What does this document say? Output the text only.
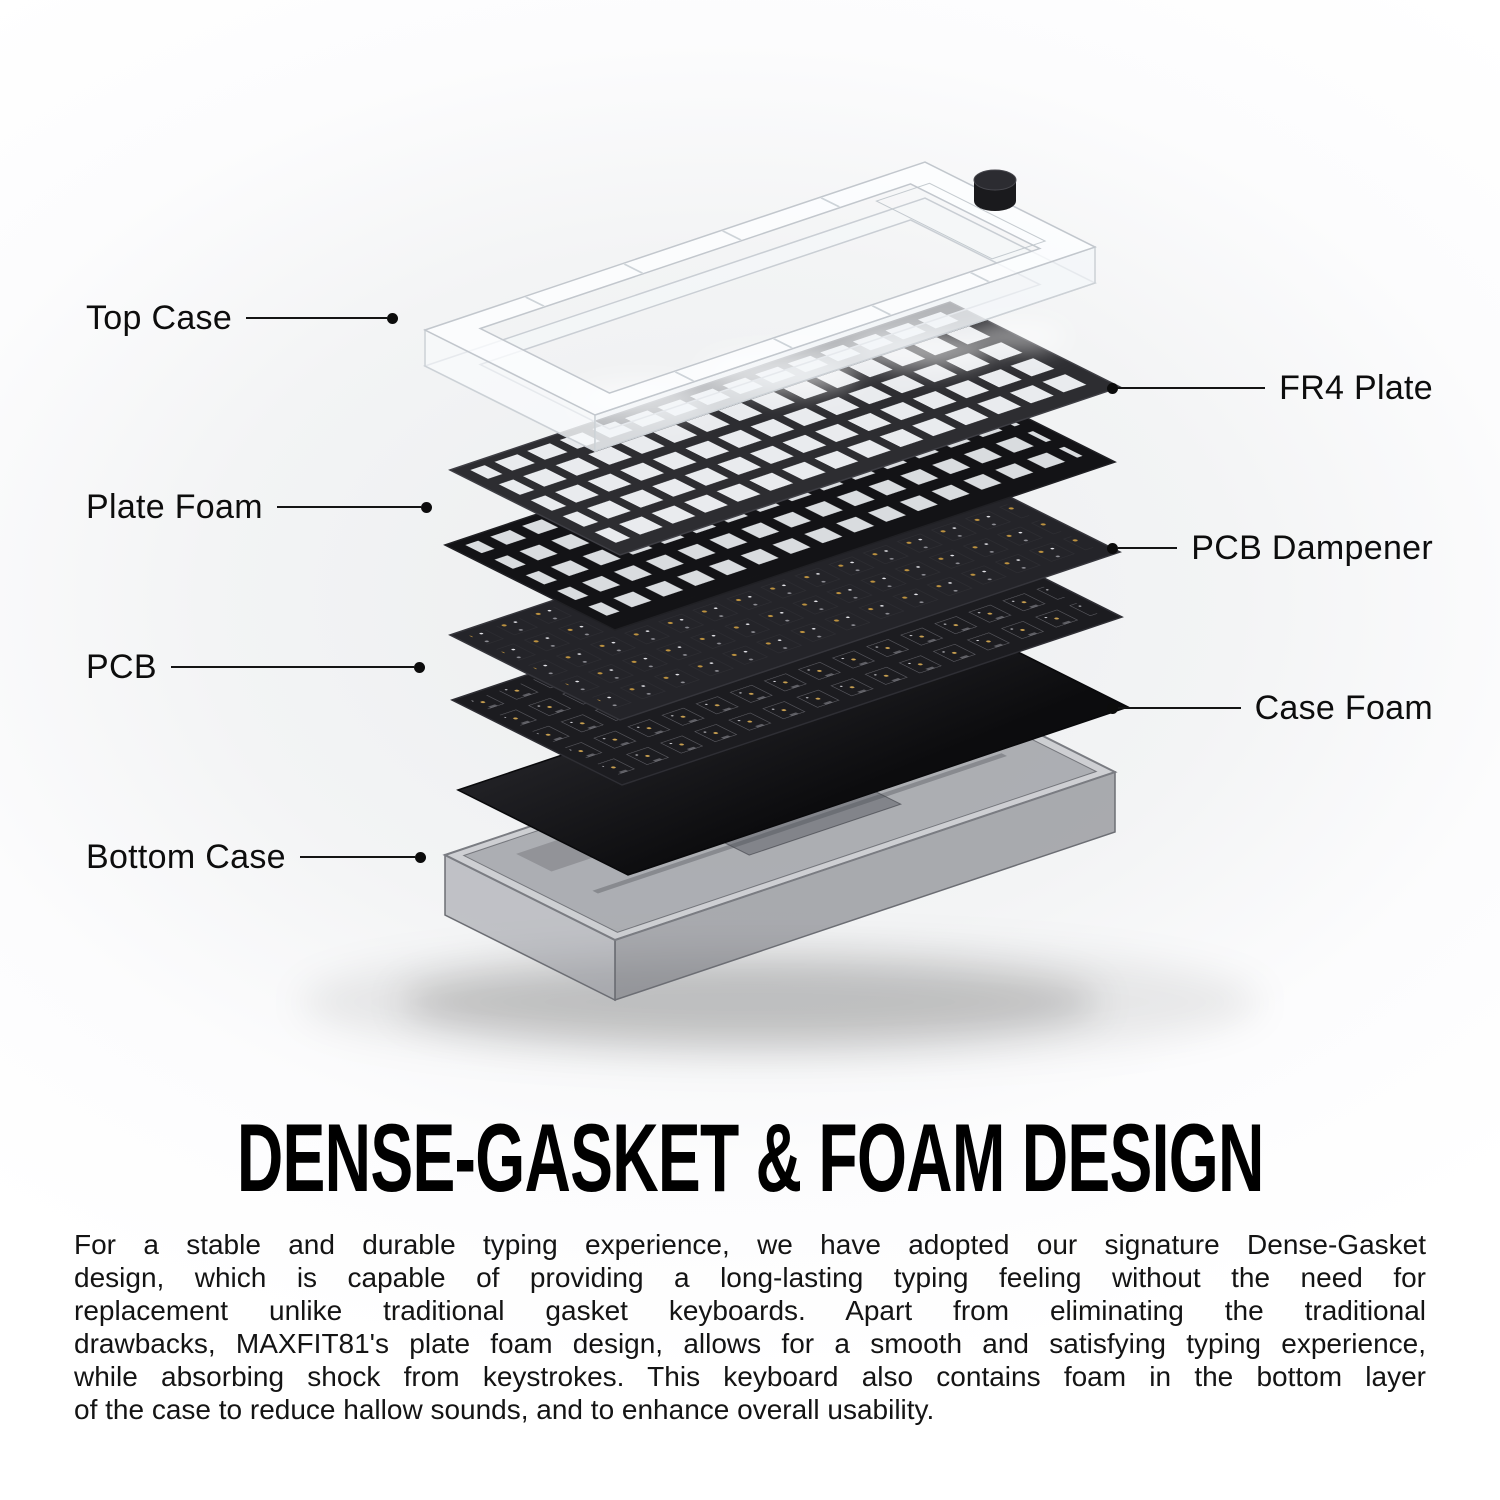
Top Case
Plate Foam
PCB
Bottom Case
FR4 Plate
PCB Dampener
Case Foam
DENSE-GASKET & FOAM DESIGN
For a stable and durable typing experience, we have adopted our signature Dense-Gasket
design, which is capable of providing a long-lasting typing feeling without the need for
replacement unlike traditional gasket keyboards. Apart from eliminating the traditional
drawbacks, MAXFIT81's plate foam design, allows for a smooth and satisfying typing experience,
while absorbing shock from keystrokes. This keyboard also contains foam in the bottom layer
of the case to reduce hallow sounds, and to enhance overall usability.
